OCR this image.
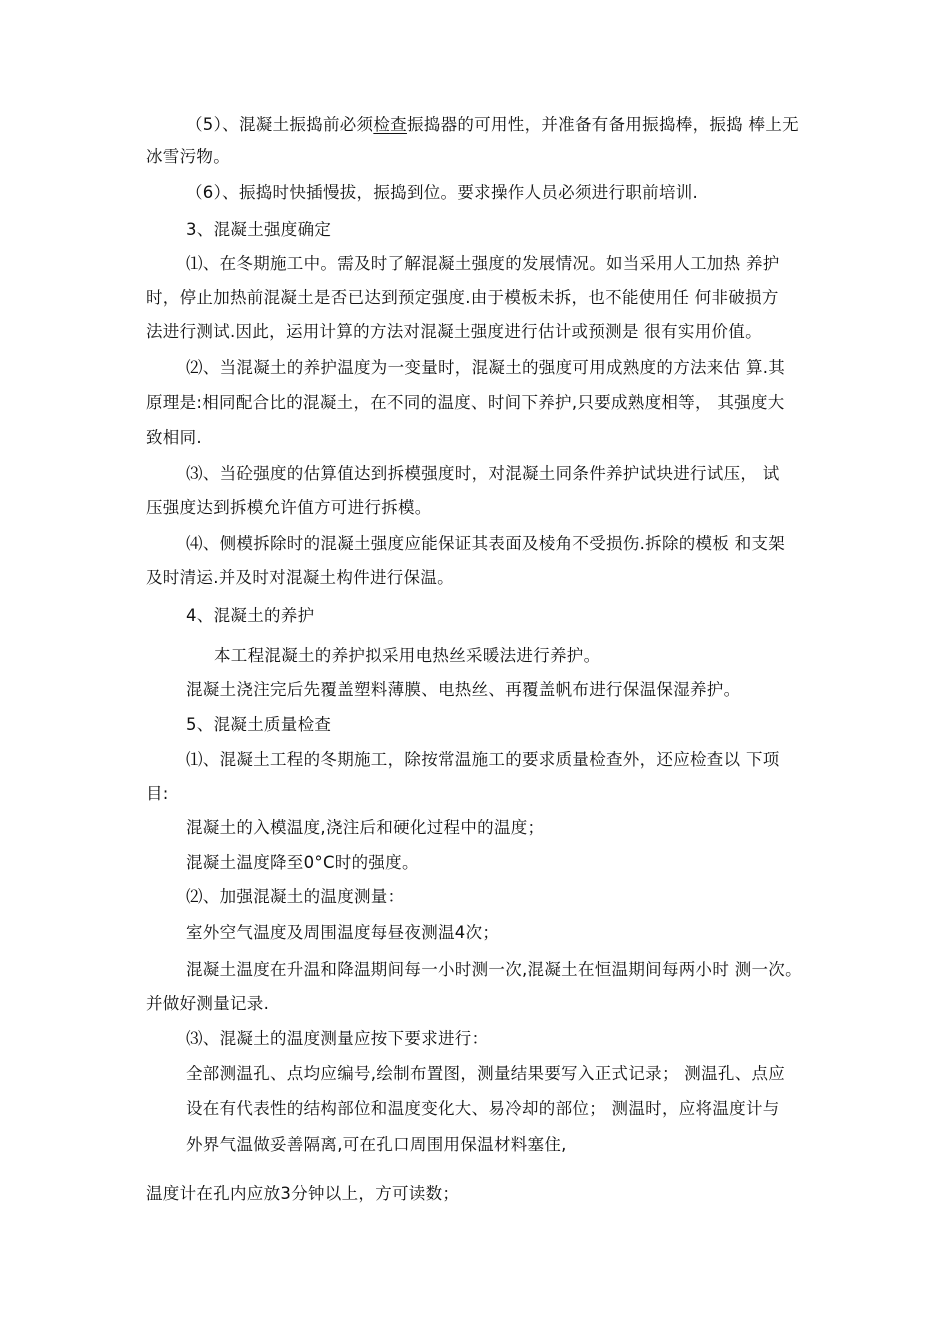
（5）、混凝土振捣前必须检查振捣器的可用性，并准备有备用振捣棒，振捣 棒上无
冰雪污物。
（6）、振捣时快插慢拔，振捣到位。要求操作人员必须进行职前培训.
3、混凝土强度确定
⑴、在冬期施工中。需及时了解混凝土强度的发展情况。如当采用人工加热 养护
时，停止加热前混凝土是否已达到预定强度.由于模板未拆，也不能使用任 何非破损方
法进行测试.因此，运用计算的方法对混凝土强度进行估计或预测是 很有实用价值。
⑵、当混凝土的养护温度为一变量时，混凝土的强度可用成熟度的方法来估 算.其
原理是:相同配合比的混凝土，在不同的温度、时间下养护,只要成熟度相等， 其强度大
致相同.
⑶、当砼强度的估算值达到拆模强度时，对混凝土同条件养护试块进行试压， 试
压强度达到拆模允许值方可进行拆模。
⑷、侧模拆除时的混凝土强度应能保证其表面及棱角不受损伤.拆除的模板 和支架
及时清运.并及时对混凝土构件进行保温。
4、混凝土的养护
本工程混凝土的养护拟采用电热丝采暖法进行养护。
混凝土浇注完后先覆盖塑料薄膜、电热丝、再覆盖帆布进行保温保湿养护。
5、混凝土质量检查
⑴、混凝土工程的冬期施工，除按常温施工的要求质量检查外，还应检查以 下项
目:
混凝土的入模温度,浇注后和硬化过程中的温度；
混凝土温度降至0°C时的强度。
⑵、加强混凝土的温度测量：
室外空气温度及周围温度每昼夜测温4次；
混凝土温度在升温和降温期间每一小时测一次,混凝土在恒温期间每两小时 测一次。
并做好测量记录.
⑶、混凝土的温度测量应按下要求进行：
全部测温孔、点均应编号,绘制布置图，测量结果要写入正式记录； 测温孔、点应
设在有代表性的结构部位和温度变化大、易冷却的部位； 测温时，应将温度计与
外界气温做妥善隔离,可在孔口周围用保温材料塞住,
温度计在孔内应放3分钟以上，方可读数；
